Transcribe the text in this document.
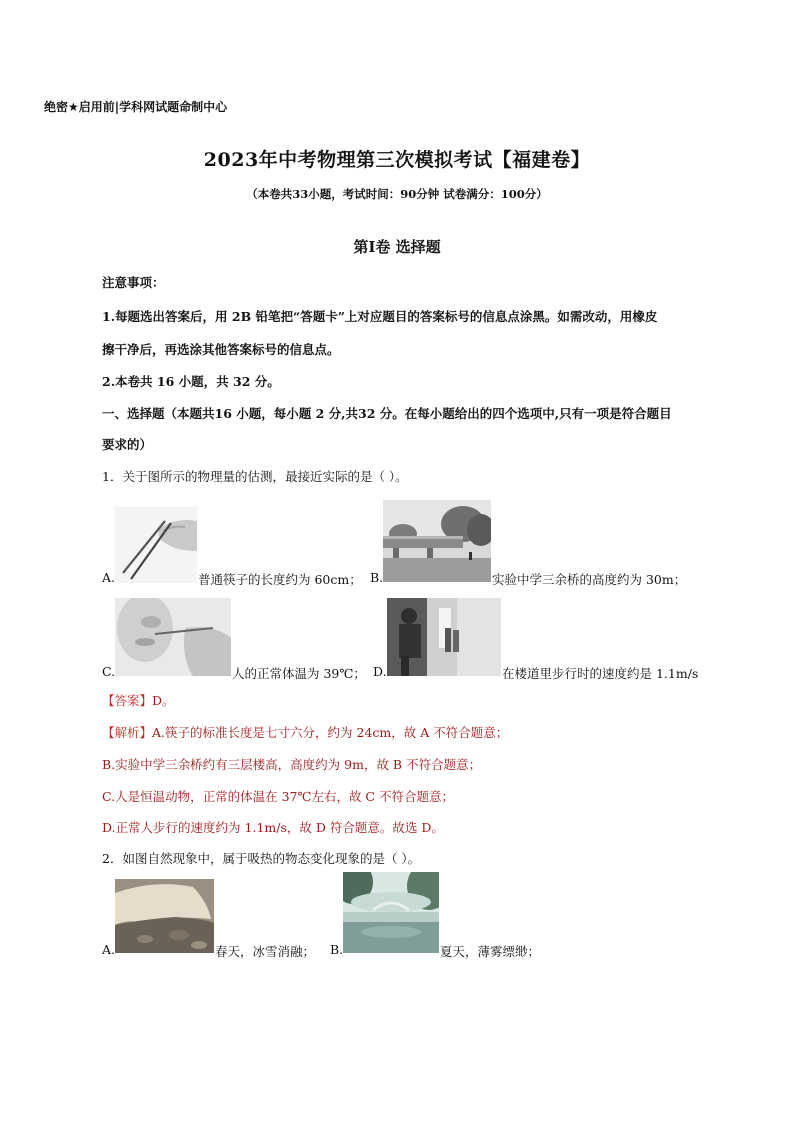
绝密★启用前|学科网试题命制中心
2023年中考物理第三次模拟考试【福建卷】
（本卷共33小题，考试时间：90分钟 试卷满分：100分）
第Ⅰ卷 选择题
注意事项：
1.每题选出答案后，用 2B 铅笔把“答题卡”上对应题目的答案标号的信息点涂黑。如需改动，用橡皮
擦干净后，再选涂其他答案标号的信息点。
2.本卷共 16 小题，共 32 分。
一、选择题（本题共16 小题，每小题 2 分,共32 分。在每小题给出的四个选项中,只有一项是符合题目
要求的）
1．关于图所示的物理量的估测，最接近实际的是（ ）。
A.	普通筷子的长度约为 60cm； B.	实验中学三余桥的高度约为 30m；
C.	人的正常体温为 39℃； D.	在楼道里步行时的速度约是 1.1m/s
【答案】D。
【解析】A.筷子的标准长度是七寸六分，约为 24cm，故 A 不符合题意；
B.实验中学三余桥约有三层楼高，高度约为 9m，故 B 不符合题意；
C.人是恒温动物，正常的体温在 37℃左右，故 C 不符合题意；
D.正常人步行的速度约为 1.1m/s，故 D 符合题意。故选 D。
2．如图自然现象中，属于吸热的物态变化现象的是（ ）。
A.	春天，冰雪消融； B.	夏天，薄雾缥缈；
